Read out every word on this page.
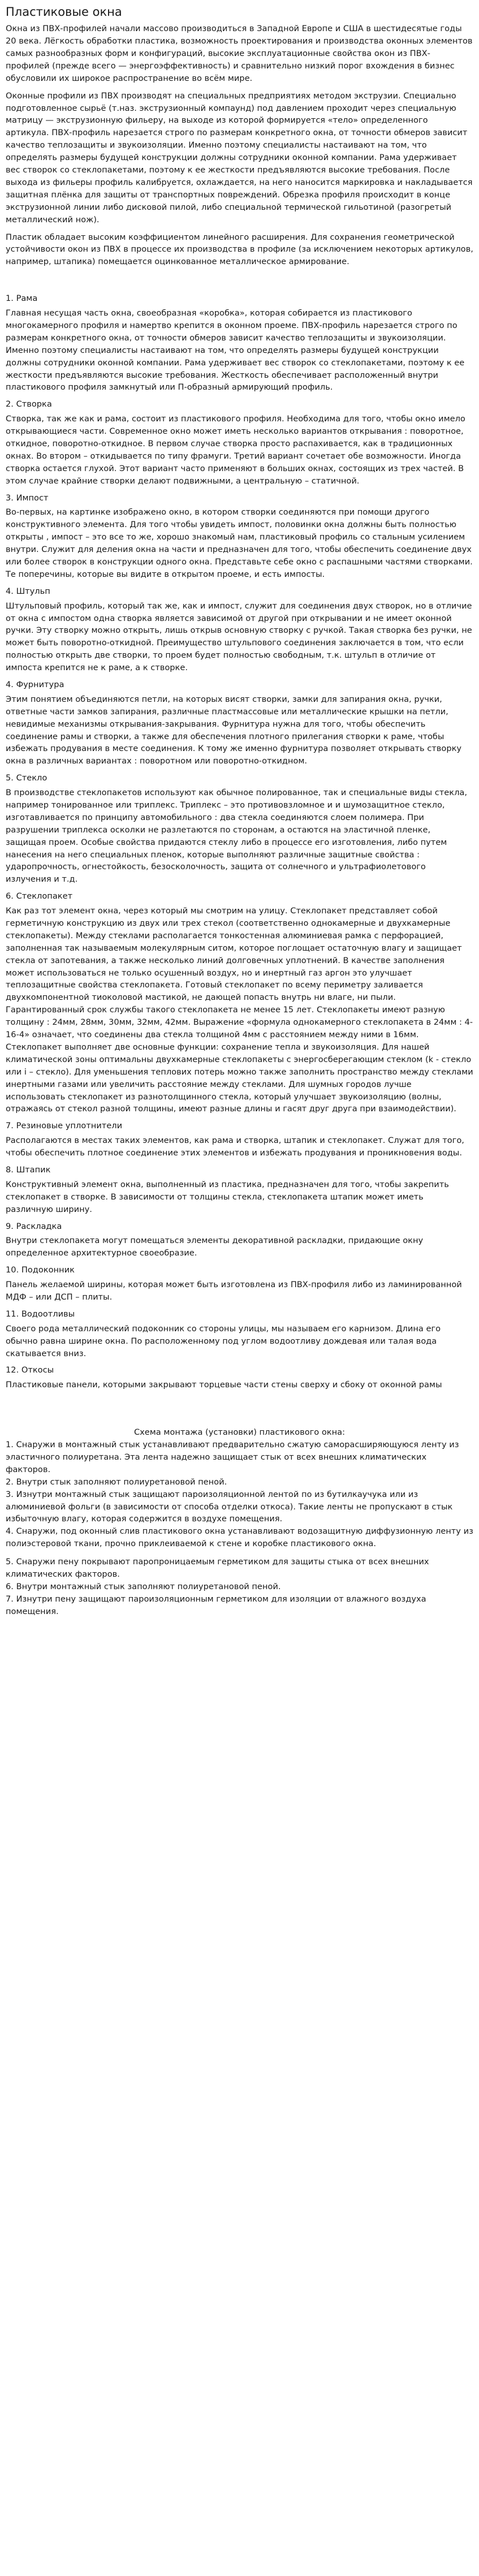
Пластиковые окна

Окна из ПВХ-профилей начали массово производиться в Западной Европе и США в шестидесятые годы 20 века. Лёгкость обработки пластика, возможность проектирования и производства оконных элементов самых разнообразных форм и конфигураций, высокие эксплуатационные свойства окон из ПВХ-профилей (прежде всего — энергоэффективность) и сравнительно низкий порог вхождения в бизнес обусловили их широкое распространение во всём мире.

Оконные профили из ПВХ производят на специальных предприятиях методом экструзии. Специально подготовленное сырьё (т.наз. экструзионный компаунд) под давлением проходит через специальную матрицу — экструзионную фильеру, на выходе из которой формируется «тело» определенного артикула. ПВХ-профиль нарезается строго по размерам конкретного окна, от точности обмеров зависит качество теплозащиты и звукоизоляции. Именно поэтому специалисты настаивают на том, что определять размеры будущей конструкции должны сотрудники оконной компании. Рама удерживает вес створок со стеклопакетами, поэтому к ее жесткости предъявляются высокие требования. После выхода из фильеры профиль калибруется, охлаждается, на него наносится маркировка и накладывается защитная плёнка для защиты от транспортных повреждений. Обрезка профиля происходит в конце экструзионной линии либо дисковой пилой, либо специальной термической гильотиной (разогретый металлический нож).

Пластик обладает высоким коэффициентом линейного расширения. Для сохранения геометрической устойчивости окон из ПВХ в процессе их производства в профиле (за исключением некоторых артикулов, например, штапика) помещается оцинкованное металлическое армирование.

1. Рама

Главная несущая часть окна, своеобразная «коробка», которая собирается из пластикового многокамерного профиля и намертво крепится в оконном проеме. ПВХ-профиль нарезается строго по размерам конкретного окна, от точности обмеров зависит качество теплозащиты и звукоизоляции. Именно поэтому специалисты настаивают на том, что определять размеры будущей конструкции должны сотрудники оконной компании. Рама удерживает вес створок со стеклопакетами, поэтому к ее жесткости предъявляются высокие требования. Жесткость обеспечивает расположенный внутри пластикового профиля замкнутый или П-образный армирующий профиль.

2. Створка

Створка, так же как и рама, состоит из пластикового профиля. Необходима для того, чтобы окно имело открывающиеся части. Современное окно может иметь несколько вариантов открывания : поворотное, откидное, поворотно-откидное. В первом случае створка просто распахивается, как в традиционных окнах. Во втором – откидывается по типу фрамуги. Третий вариант сочетает обе возможности. Иногда створка остается глухой. Этот вариант часто применяют в больших окнах, состоящих из трех частей. В этом случае крайние створки делают подвижными, а центральную – статичной.

3. Импост

Во-первых, на картинке изображено окно, в котором створки соединяются при помощи другого конструктивного элемента. Для того чтобы увидеть импост, половинки окна должны быть полностью открыты , импост – это все то же, хорошо знакомый нам, пластиковый профиль со стальным усилением внутри. Служит для деления окна на части и предназначен для того, чтобы обеспечить соединение двух или более створок в конструкции одного окна. Представьте себе окно с распашными частями створками. Те поперечины, которые вы видите в открытом проеме, и есть импосты.

4. Штульп

Штульповый профиль, который так же, как и импост, служит для соединения двух створок, но в отличие от окна с импостом одна створка является зависимой от другой при открывании и не имеет оконной ручки. Эту створку можно открыть, лишь открыв основную створку с ручкой. Такая створка без ручки, не может быть поворотно-откидной. Преимущество штульпового соединения заключается в том, что если полностью открыть две створки, то проем будет полностью свободным, т.к. штульп в отличие от импоста крепится не к раме, а к створке.

4. Фурнитура

Этим понятием объединяются петли, на которых висят створки, замки для запирания окна, ручки, ответные части замков запирания, различные пластмассовые или металлические крышки на петли, невидимые механизмы открывания-закрывания. Фурнитура нужна для того, чтобы обеспечить соединение рамы и створки, а также для обеспечения плотного прилегания створки к раме, чтобы избежать продувания в месте соединения. К тому же именно фурнитура позволяет открывать створку окна в различных вариантах : поворотном или поворотно-откидном.

5. Стекло

В производстве стеклопакетов используют как обычное полированное, так и специальные виды стекла, например тонированное или триплекс. Триплекс – это противовзломное и и шумозащитное стекло, изготавливается по принципу автомобильного : два стекла соединяются слоем полимера. При разрушении триплекса осколки не разлетаются по сторонам, а остаются на эластичной пленке, защищая проем. Особые свойства придаются стеклу либо в процессе его изготовления, либо путем нанесения на него специальных пленок, которые выполняют различные защитные свойства : ударопрочность, огнестойкость, безосколочность, защита от солнечного и ультрафиолетового излучения и т.д.

6. Стеклопакет

Как раз тот элемент окна, через который мы смотрим на улицу. Стеклопакет представляет собой герметичную конструкцию из двух или трех стекол (соответственно однокамерные и двухкамерные стеклопакеты). Между стеклами располагается тонкостенная алюминиевая рамка с перфорацией, заполненная так называемым молекулярным ситом, которое поглощает остаточную влагу и защищает стекла от запотевания, а также несколько линий долговечных уплотнений. В качестве заполнения может использоваться не только осушенный воздух, но и инертный газ аргон это улучшает теплозащитные свойства стеклопакета. Готовый стеклопакет по всему периметру заливается двухкомпонентной тиоколовой мастикой, не дающей попасть внутрь ни влаге, ни пыли. Гарантированный срок службы такого стеклопакета не менее 15 лет. Стеклопакеты имеют разную толщину : 24мм, 28мм, 30мм, 32мм, 42мм. Выражение «формула однокамерного стеклопакета в 24мм : 4-16-4» означает, что соединены два стекла толщиной 4мм с расстоянием между ними в 16мм. Стеклопакет выполняет две основные функции: сохранение тепла и звукоизоляция. Для нашей климатической зоны оптимальны двухкамерные стеклопакеты с энергосберегающим стеклом (k - стекло или i – стекло). Для уменьшения теплових потерь можно также заполнить пространство между стеклами инертными газами или увеличить расстояние между стеклами. Для шумных городов лучше использовать стеклопакет из разнотолщинного стекла, который улучшает звукоизоляцию (волны, отражаясь от стекол разной толщины, имеют разные длины и гасят друг друга при взаимодействии).

7. Резиновые уплотнители

Располагаются в местах таких элементов, как рама и створка, штапик и стеклопакет. Служат для того, чтобы обеспечить плотное соединение этих элементов и избежать продувания и проникновения воды.

8. Штапик

Конструктивный элемент окна, выполненный из пластика, предназначен для того, чтобы закрепить стеклопакет в створке. В зависимости от толщины стекла, стеклопакета штапик может иметь различную ширину.

9. Раскладка

Внутри стеклопакета могут помещаться элементы декоративной раскладки, придающие окну определенное архитектурное своеобразие.

10. Подоконник

Панель желаемой ширины, которая может быть изготовлена из ПВХ-профиля либо из ламинированной МДФ – или ДСП – плиты.

11. Водоотливы

Своего рода металлический подоконник со стороны улицы, мы называем его карнизом. Длина его обычно равна ширине окна. По расположенному под углом водоотливу дождевая или талая вода скатывается вниз.

12. Откосы

Пластиковые панели, которыми закрывают торцевые части стены сверху и сбоку от оконной рамы

Схема монтажа (установки) пластикового окна:

1. Снаружи в монтажный стык устанавливают предварительно сжатую саморасширяющуюся ленту из эластичного полиуретана. Эта лента надежно защищает стык от всех внешних климатических факторов.
2. Внутри стык заполняют полиуретановой пеной.
3. Изнутри монтажный стык защищают пароизоляционной лентой по из бутилкаучука или из алюминиевой фольги (в зависимости от способа отделки откоса). Такие ленты не пропускают в стык избыточную влагу, которая содержится в воздухе помещения.
4. Снаружи, под оконный слив пластикового окна устанавливают водозащитную диффузионную ленту из полиэстеровой ткани, прочно приклеиваемой к стене и коробке пластикового окна.

5. Снаружи пену покрывают паропроницаемым герметиком для защиты стыка от всех внешних климатических факторов.
6. Внутри монтажный стык заполняют полиуретановой пеной.
7. Изнутри пену защищают пароизоляционным герметиком для изоляции от влажного воздуха помещения.
